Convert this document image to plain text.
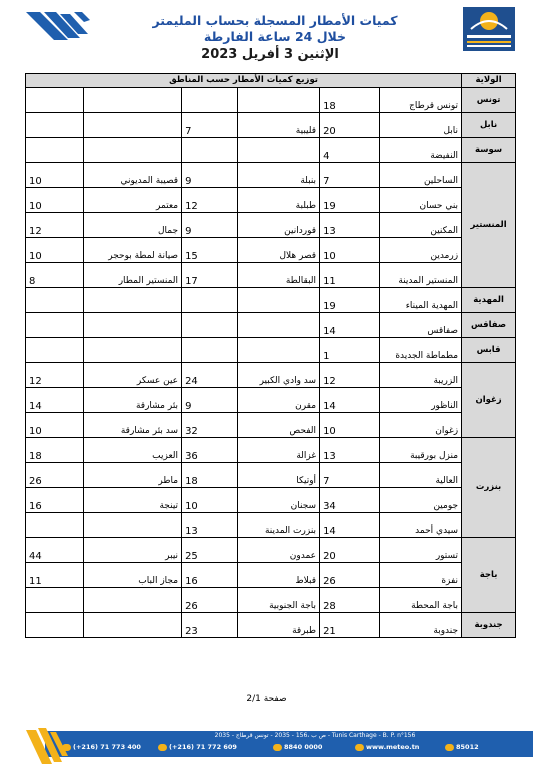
كميات الأمطار المسجلة بحساب المليمتر
خلال 24 ساعة الفارطة
الإثنين 3 أفريل 2023
الولاية	توزيع كميات الأمطار حسب المناطق					
تونس	تونس قرطاج	18				
نابل	نابل	20	قليبية	7		
سوسة	النفيضة	4				
المنستير	الساحلين	7	بنبلة	9	قصيبة المديوني	10
	بني حسان	19	طبلبة	12	معتمر	10
	المكنين	13	قوردانين	9	جمال	12
	زرمدين	10	قصر هلال	15	صيانة لمطة بوحجر	10
	المنستير المدينة	11	البقالطة	17	المنستير المطار	8
المهدية	المهدية الميناء	19				
صفاقس	صفاقس	14				
قابس	مطماطة الجديدة	1				
زغوان	الزريبة	12	سد وادي الكبير	24	عين عسكر	12
	الناظور	14	مقرن	9	بئر مشارقة	14
	زغوان	10	الفحص	32	سد بئر مشارقة	10
بنزرت	منزل بورقيبة	13	غزالة	36	العزيب	18
	العالية	7	أوتيكا	18	ماطر	26
	جومين	34	سجنان	10	تينجة	16
	سيدي أحمد	14	بنزرت المدينة	13		
باجة	تستور	20	عمدون	25	نيبر	44
	نفزة	26	قبلاط	16	مجاز الباب	11
	باجة المحطة	28	باجة الجنوبية	26		
جندوبة	جندوبة	21	طبرقة	23		
صفحة 2/1
ص ب ،156 - 2035 - تونس قرطاج - 2035 - Tunis Carthage - B. P. n°156
(+216) 71 773 400	(+216) 71 772 609	8840 0000	www.meteo.tn	85012
